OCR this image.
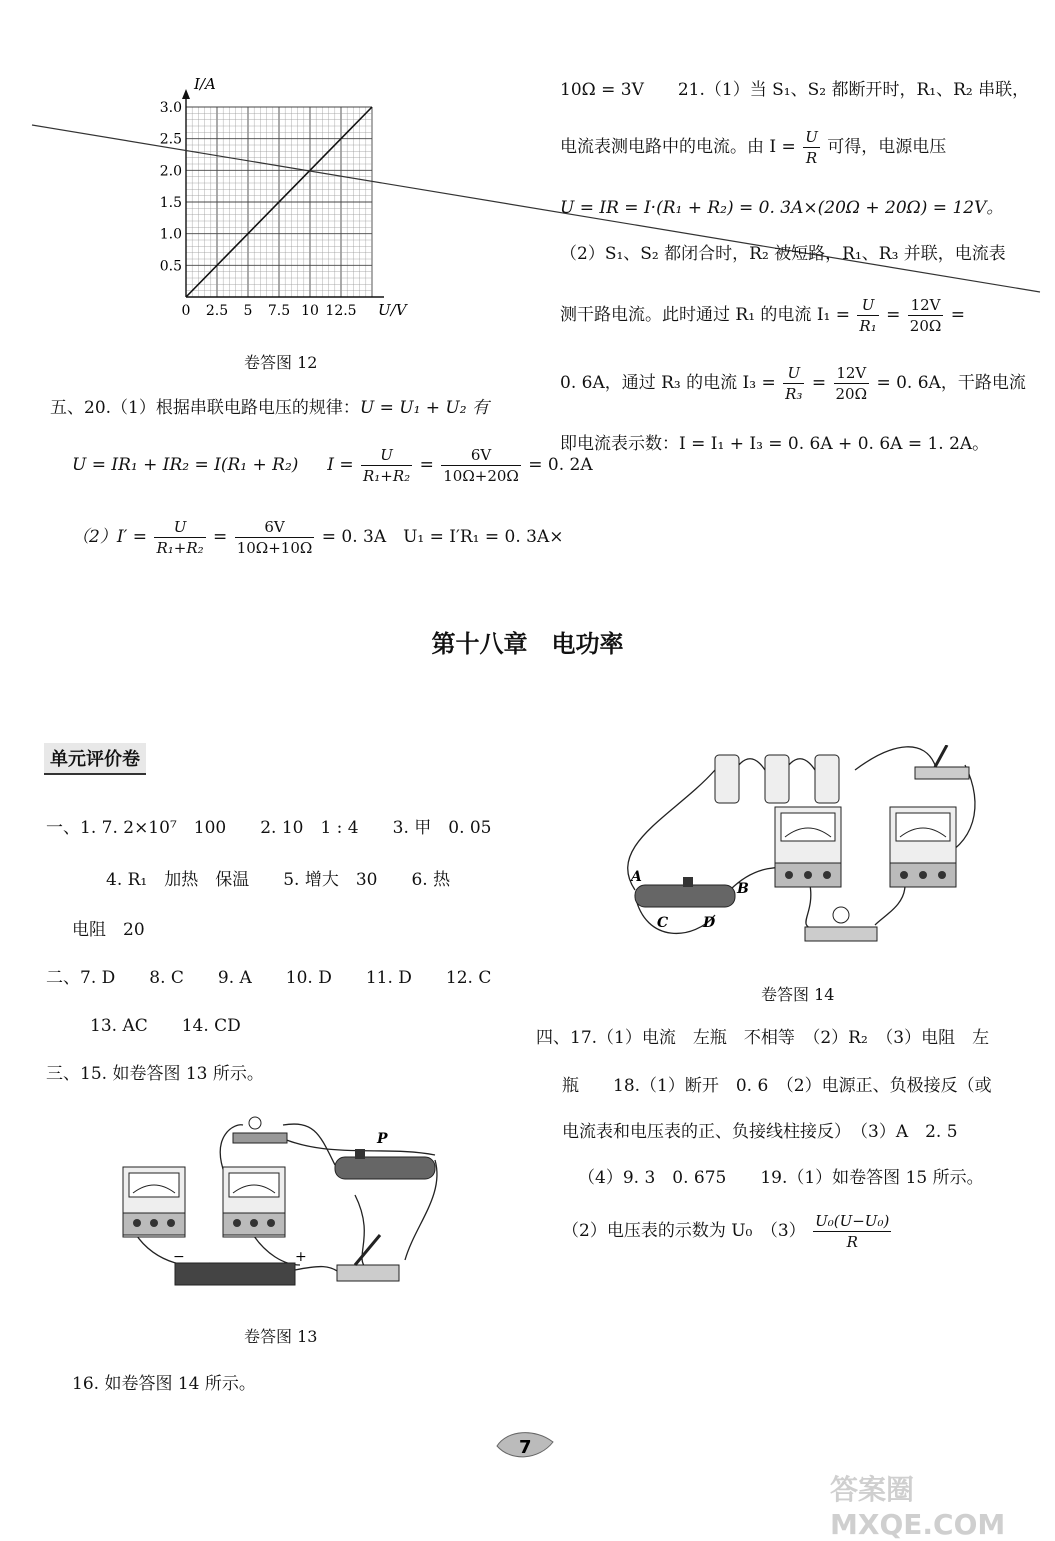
0 2.5 5 7.5 10 12.5
0.5
1.0
1.5
2.0
2.5
3.0
I/A
U/V
卷答图 12
五、20.（1）根据串联电路电压的规律：U = U₁ + U₂ 有
U = IR₁ + IR₂ = I(R₁ + R₂) $I = \frac{U}{\text{R₁+R₂}} = \frac{6V}{10\Omega+20\Omega} = 0$. 2A
$(2)I' = \frac{U}{\text{R₁+R₂}} = \frac{6V}{10\Omega+10\Omega} = 0$. 3A　U₁ = I′R₁ = 0. 3A×
10Ω = 3V　　21.（1）当 S₁、S₂ 都断开时，R₁、R₂ 串联，
电流表测电路中的电流。由 $I = \frac{U}{R}$ 可得，电源电压
U = IR = I·(R₁ + R₂) = 0. 3A×(20Ω + 20Ω) = 12V。
（2）S₁、S₂ 都闭合时，R₂ 被短路，R₁、R₃ 并联，电流表
测干路电流。此时通过 R₁ 的电流 $I_1 = \frac{U}{\text{R₁}} = \frac{12V}{20\Omega}$ =
0. 6A，通过 R₃ 的电流 $I_3 = \frac{U}{\text{R₃}} = \frac{12V}{20\Omega} = 0$. 6A，干路电流
即电流表示数：I = I₁ + I₃ = 0. 6A + 0. 6A = 1. 2A。
第十八章　电功率
单元评价卷
一、1. 7. 2×10⁷　100　　2. 10　1 : 4　　3. 甲　0. 05
4. R₁　加热　保温　　5. 增大　30　　6. 热
电阻　20
二、7. D　　8. C　　9. A　　10. D　　11. D　　12. C
13. AC　　14. CD
三、15. 如卷答图 13 所示。
P
−	+
卷答图 13
16. 如卷答图 14 所示。
A
B
C D
卷答图 14
四、17.（1）电流　左瓶　不相等　（2）R₂　（3）电阻　左
瓶　　18.（1）断开　0. 6　（2）电源正、负极接反（或
电流表和电压表的正、负接线柱接反）　（3）A　2. 5
（4）9. 3　0. 675　　19.（1）如卷答图 15 所示。
（2）电压表的示数为 U₀　$(3) \frac{\text{U₀(U−U₀)}}{R}$
7
答案圈 MXQE.COM
